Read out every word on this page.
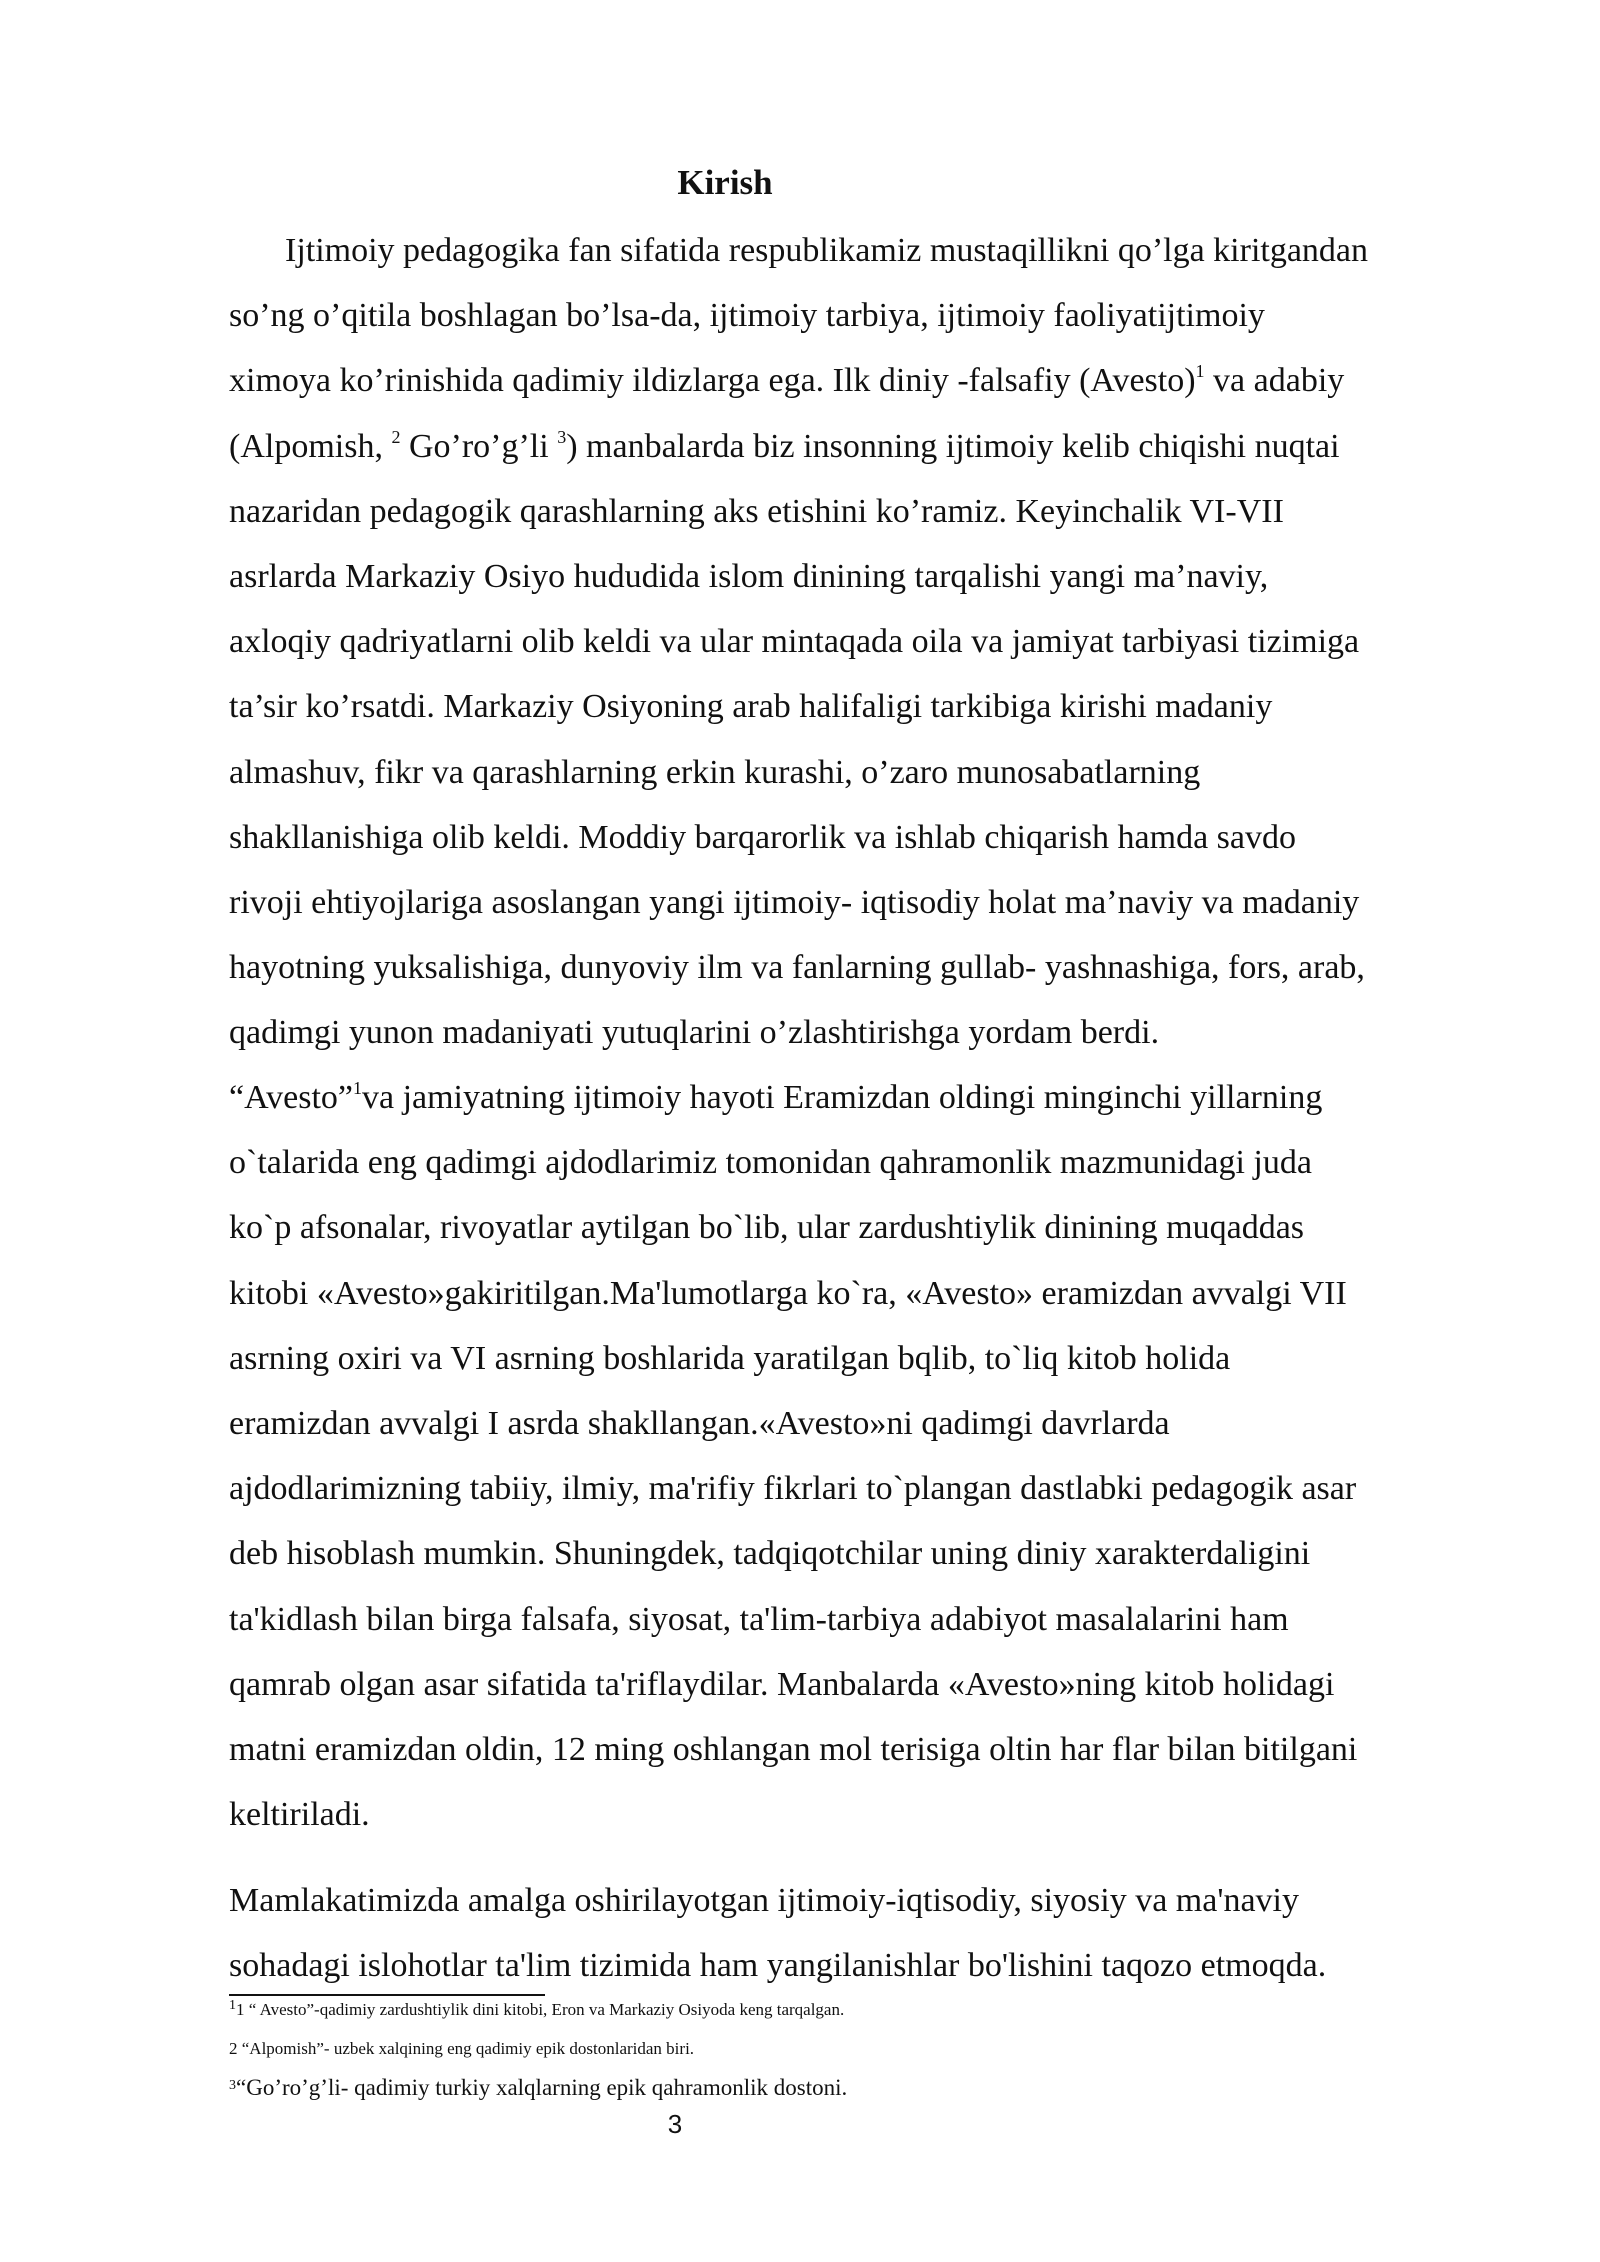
Kirish
Ijtimoiy pedagogika fan sifatida respublikamiz mustaqillikni qo’lga kiritgandan
so’ng o’qitila boshlagan bo’lsa-da, ijtimoiy tarbiya, ijtimoiy faoliyatijtimoiy
ximoya ko’rinishida qadimiy ildizlarga ega. Ilk diniy -falsafiy (Avesto)$^1$ va adabiy
(Alpomish, $^2$ Go’ro’g’li $^3$) manbalarda biz insonning ijtimoiy kelib chiqishi nuqtai
nazaridan pedagogik qarashlarning aks etishini ko’ramiz. Keyinchalik VI-VII
asrlarda Markaziy Osiyo hududida islom dinining tarqalishi yangi ma’naviy,
axloqiy qadriyatlarni olib keldi va ular mintaqada oila va jamiyat tarbiyasi tizimiga
ta’sir ko’rsatdi. Markaziy Osiyoning arab halifaligi tarkibiga kirishi madaniy
almashuv, fikr va qarashlarning erkin kurashi, o’zaro munosabatlarning
shakllanishiga olib keldi. Moddiy barqarorlik va ishlab chiqarish hamda savdo
rivoji ehtiyojlariga asoslangan yangi ijtimoiy- iqtisodiy holat ma’naviy va madaniy
hayotning yuksalishiga, dunyoviy ilm va fanlarning gullab- yashnashiga, fors, arab,
qadimgi yunon madaniyati yutuqlarini o’zlashtirishga yordam berdi.
“Avesto”$^1$va jamiyatning ijtimoiy hayoti Eramizdan oldingi minginchi yillarning
o`talarida eng qadimgi ajdodlarimiz tomonidan qahramonlik mazmunidagi juda
ko`p afsonalar, rivoyatlar aytilgan bo`lib, ular zardushtiylik dinining muqaddas
kitobi «Avesto»gakiritilgan.Ma'lumotlarga ko`ra, «Avesto» eramizdan avvalgi VII
asrning oxiri va VI asrning boshlarida yaratilgan bqlib, to`liq kitob holida
eramizdan avvalgi I asrda shakllangan.«Avesto»ni qadimgi davrlarda
ajdodlarimizning tabiiy, ilmiy, ma'rifiy fikrlari to`plangan dastlabki pedagogik asar
deb hisoblash mumkin. Shuningdek, tadqiqotchilar uning diniy xarakterdaligini
ta'kidlash bilan birga falsafa, siyosat, ta'lim-tarbiya adabiyot masalalarini ham
qamrab olgan asar sifatida ta'riflaydilar. Manbalarda «Avesto»ning kitob holidagi
matni eramizdan oldin, 12 ming oshlangan mol terisiga oltin har flar bilan bitilgani
keltiriladi.
Mamlakatimizda amalga oshirilayotgan ijtimoiy-iqtisodiy, siyosiy va ma'naviy
sohadagi islohotlar ta'lim tizimida ham yangilanishlar bo'lishini taqozo etmoqda.
$^1$1 “ Avesto”-qadimiy zardushtiylik dini kitobi, Eron va Markaziy Osiyoda keng tarqalgan.
2 “Alpomish”- uzbek xalqining eng qadimiy epik dostonlaridan biri.
$^3$“Go’ro’g’li- qadimiy turkiy xalqlarning epik qahramonlik dostoni.
3
